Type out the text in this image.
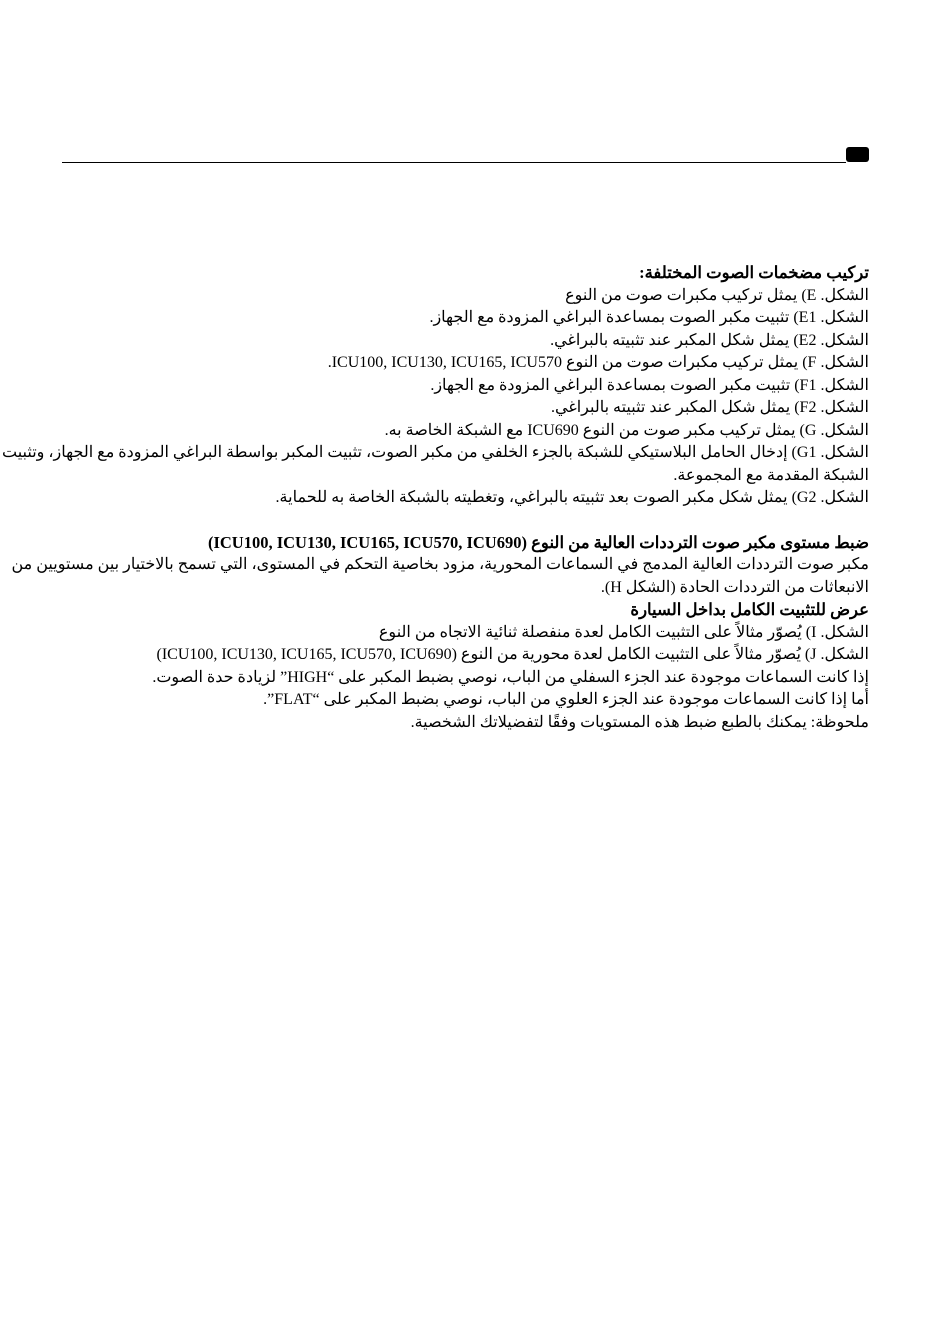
تركيب مضخمات الصوت المختلفة:
الشكل. E) يمثل تركيب مكبرات صوت من النوع
الشكل. E1) تثبيت مكبر الصوت بمساعدة البراغي المزودة مع الجهاز.
الشكل. E2) يمثل شكل المكبر عند تثبيته بالبراغي.
الشكل. F) يمثل تركيب مكبرات صوت من النوع ICU100, ICU130, ICU165, ICU570.
الشكل. F1) تثبيت مكبر الصوت بمساعدة البراغي المزودة مع الجهاز.
الشكل. F2) يمثل شكل المكبر عند تثبيته بالبراغي.
الشكل. G) يمثل تركيب مكبر صوت من النوع ICU690 مع الشبكة الخاصة به.
الشكل. G1) إدخال الحامل البلاستيكي للشبكة بالجزء الخلفي من مكبر الصوت، تثبيت المكبر بواسطة البراغي المزودة مع الجهاز، وتثبيت
الشبكة المقدمة مع المجموعة.
الشكل. G2) يمثل شكل مكبر الصوت بعد تثبيته بالبراغي، وتغطيته بالشبكة الخاصة به للحماية.
ضبط مستوى مكبر صوت الترددات العالية من النوع (ICU100, ICU130, ICU165, ICU570, ICU690)
مكبر صوت الترددات العالية المدمج في السماعات المحورية، مزود بخاصية التحكم في المستوى، التي تسمح بالاختيار بين مستويين من
الانبعاثات من الترددات الحادة (الشكل H).
عرض للتثبيت الكامل بداخل السيارة
الشكل. I) يُصوّر مثالاً على التثبيت الكامل لعدة منفصلة ثنائية الاتجاه من النوع
الشكل. J) يُصوّر مثالاً على التثبيت الكامل لعدة محورية من النوع (ICU100, ICU130, ICU165, ICU570, ICU690)
إذا كانت السماعات موجودة عند الجزء السفلي من الباب، نوصي بضبط المكبر على “HIGH” لزيادة حدة الصوت.
أما إذا كانت السماعات موجودة عند الجزء العلوي من الباب، نوصي بضبط المكبر على “FLAT”.
ملحوظة: يمكنك بالطبع ضبط هذه المستويات وفقًا لتفضيلاتك الشخصية.
